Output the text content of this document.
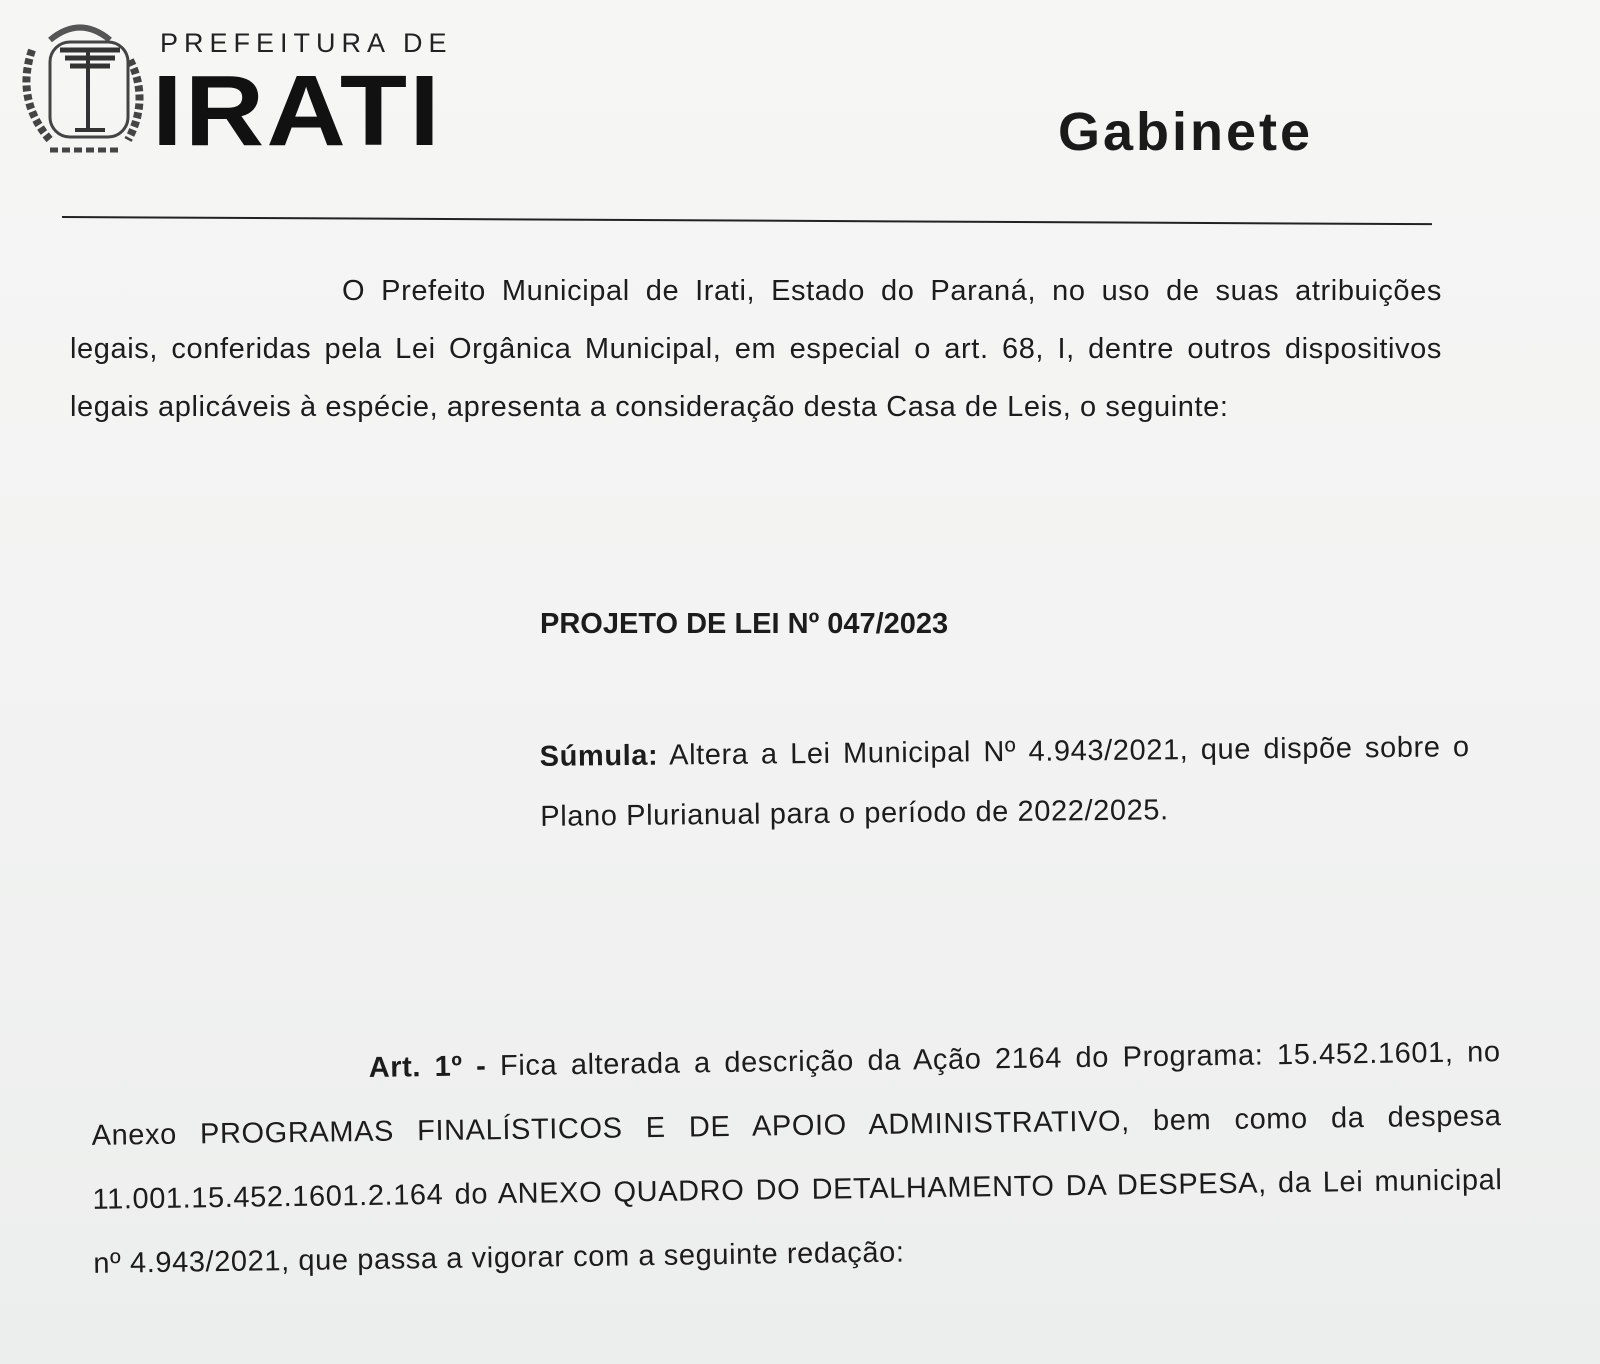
PREFEITURA DE
IRATI	Gabinete

O Prefeito Municipal de Irati, Estado do Paraná, no uso de suas atribuições legais, conferidas pela Lei Orgânica Municipal, em especial o art. 68, I, dentre outros dispositivos legais aplicáveis à espécie, apresenta a consideração desta Casa de Leis, o seguinte:

PROJETO DE LEI Nº 047/2023

Súmula: Altera a Lei Municipal Nº 4.943/2021, que dispõe sobre o Plano Plurianual para o período de 2022/2025.

Art. 1º - Fica alterada a descrição da Ação 2164 do Programa: 15.452.1601, no Anexo PROGRAMAS FINALÍSTICOS E DE APOIO ADMINISTRATIVO, bem como da despesa 11.001.15.452.1601.2.164 do ANEXO QUADRO DO DETALHAMENTO DA DESPESA, da Lei municipal nº 4.943/2021, que passa a vigorar com a seguinte redação:
